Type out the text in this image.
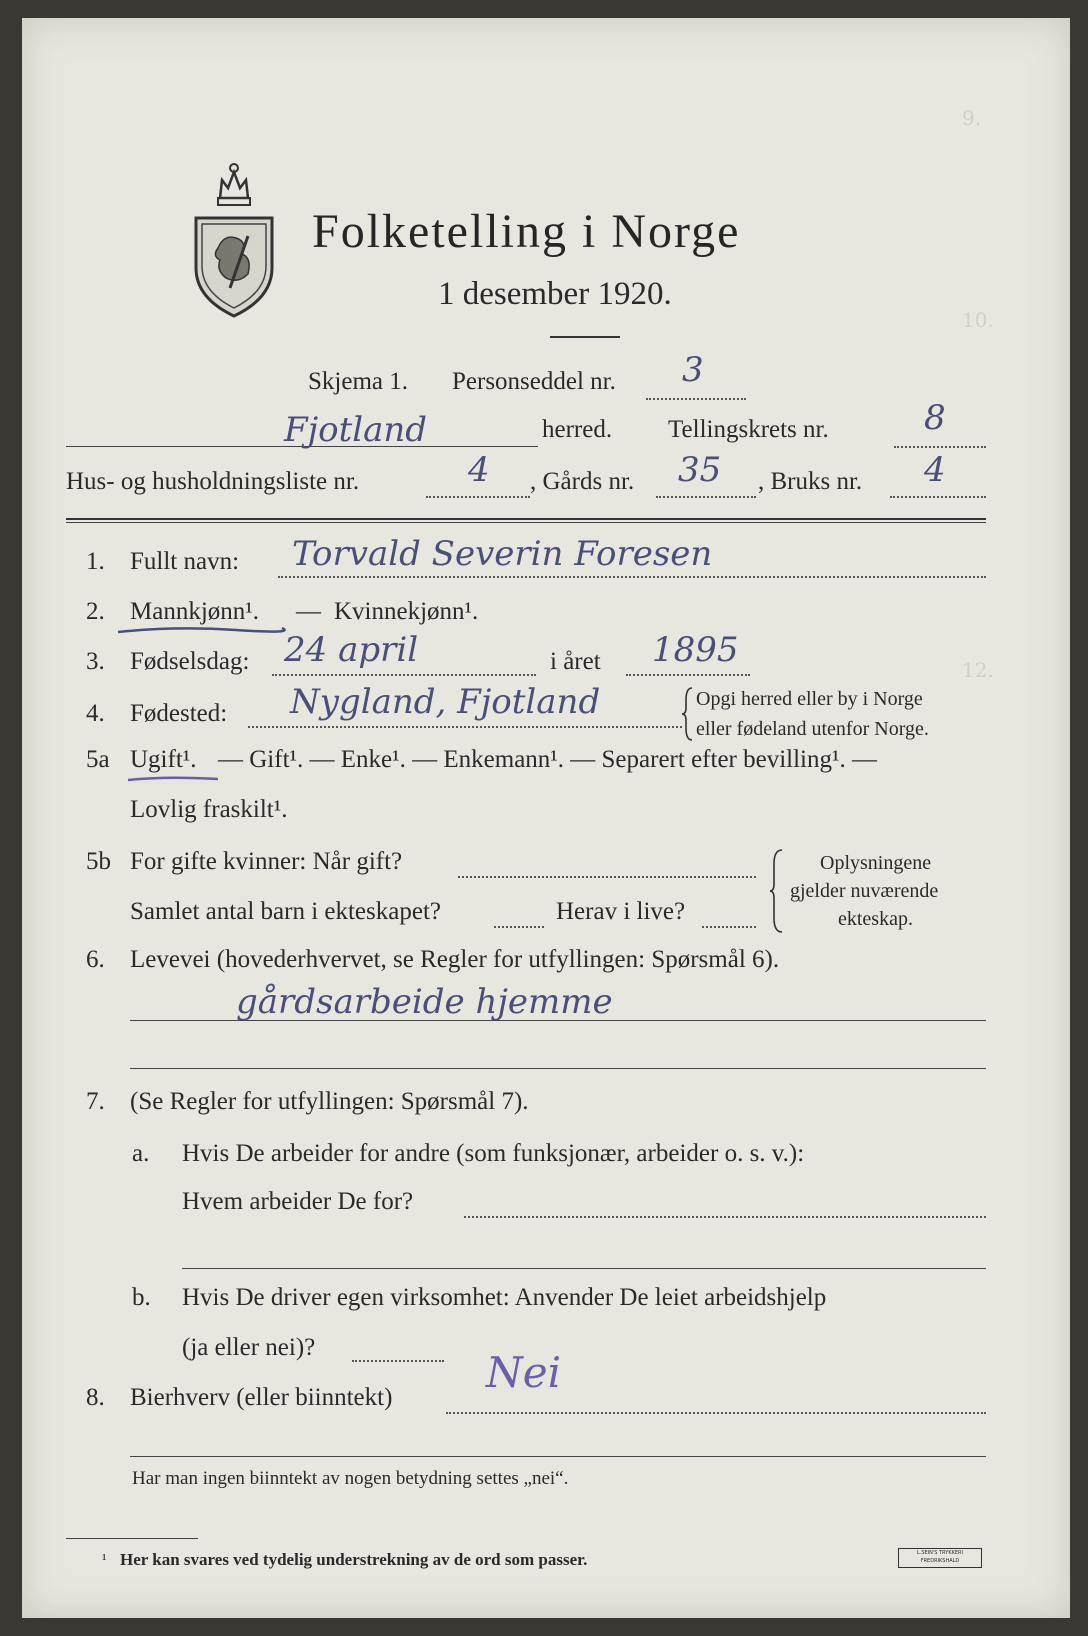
9.
10.
12.
Folketelling i Norge
1 desember 1920.
Skjema 1. Personseddel nr. 3
Fjotland	herred. Tellingskrets nr.	8
Hus- og husholdningsliste nr.	4 , Gårds nr. 35 , Bruks nr. 4
1. Fullt navn: Torvald Severin Foresen
2. Mannkjønn¹. — Kvinnekjønn¹.
3. Fødselsdag: 24 april	i året 1895
4. Fødested: Nygland, Fjotland	Opgi herred eller by i Norge
eller fødeland utenfor Norge.
5a Ugift¹. — Gift¹. — Enke¹. — Enkemann¹. — Separert efter bevilling¹. —
Lovlig fraskilt¹.
5b For gifte kvinner: Når gift?
Samlet antal barn i ekteskapet?	Herav i live?
Oplysningene
gjelder nuværende
ekteskap.
6. Levevei (hovederhvervet, se Regler for utfyllingen: Spørsmål 6).
gårdsarbeide hjemme
7. (Se Regler for utfyllingen: Spørsmål 7).
a. Hvis De arbeider for andre (som funksjonær, arbeider o. s. v.):
Hvem arbeider De for?
b. Hvis De driver egen virksomhet: Anvender De leiet arbeidshjelp
(ja eller nei)?
8. Bierhverv (eller biinntekt)
Nei
Har man ingen biinntekt av nogen betydning settes „nei“.
¹ Her kan svares ved tydelig understrekning av de ord som passer.	L.SEIN'S TRYKKERI FREDRIKSHALD
